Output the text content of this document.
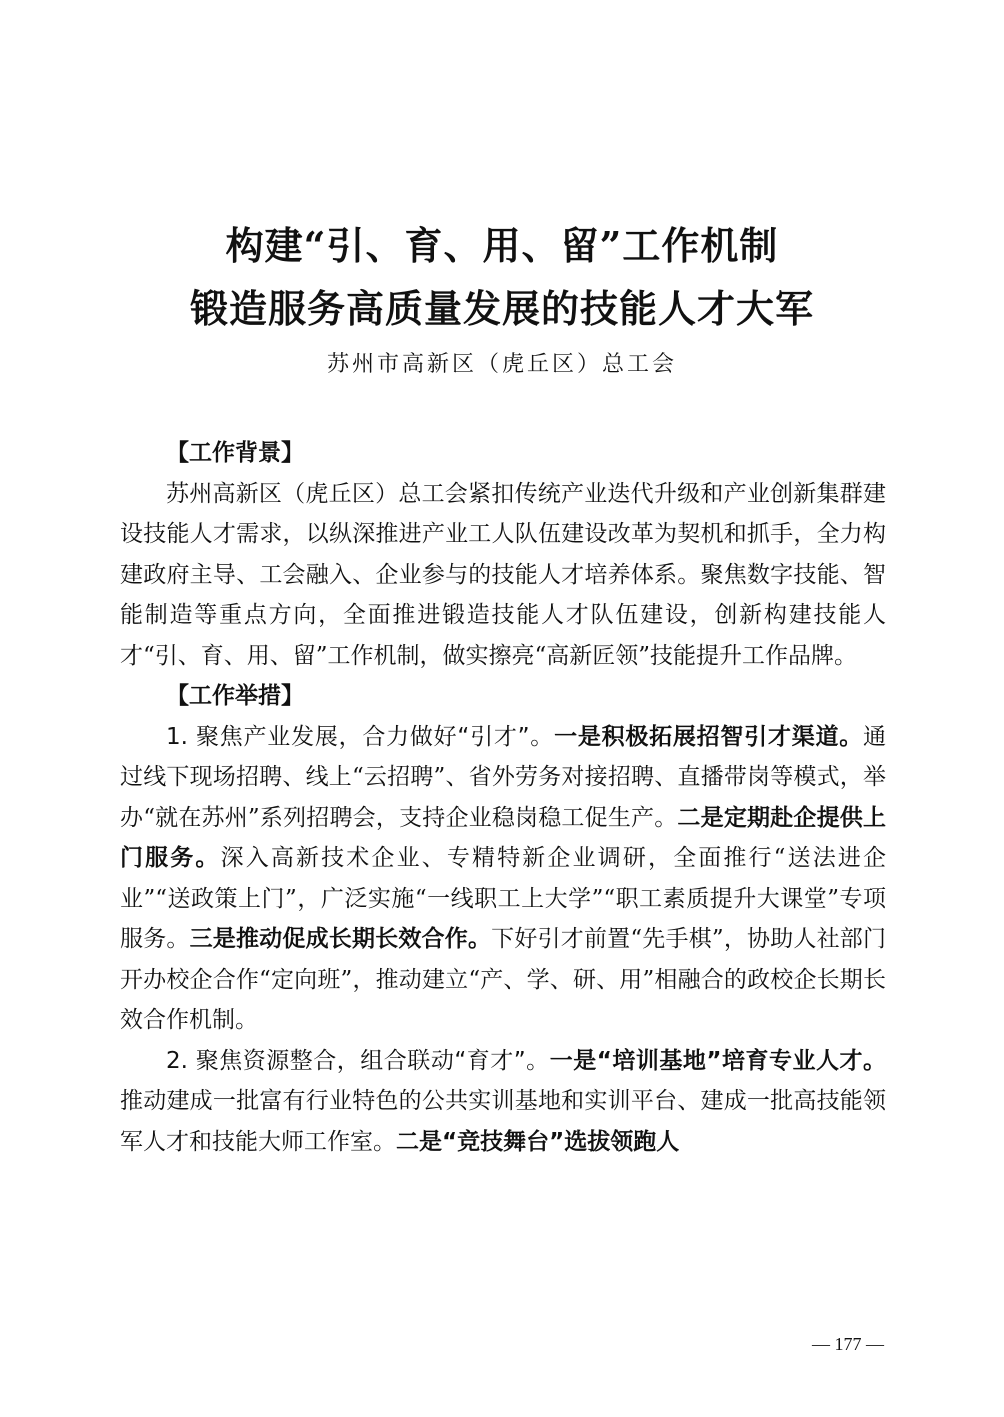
构建“引、育、用、留”工作机制
锻造服务高质量发展的技能人才大军

苏州市高新区（虎丘区）总工会

【工作背景】

苏州高新区（虎丘区）总工会紧扣传统产业迭代升级和产业创新集群建设技能人才需求，以纵深推进产业工人队伍建设改革为契机和抓手，全力构建政府主导、工会融入、企业参与的技能人才培养体系。聚焦数字技能、智能制造等重点方向，全面推进锻造技能人才队伍建设，创新构建技能人才“引、育、用、留”工作机制，做实擦亮“高新匠领”技能提升工作品牌。

【工作举措】

1. 聚焦产业发展，合力做好“引才”。一是积极拓展招智引才渠道。通过线下现场招聘、线上“云招聘”、省外劳务对接招聘、直播带岗等模式，举办“就在苏州”系列招聘会，支持企业稳岗稳工促生产。二是定期赴企提供上门服务。深入高新技术企业、专精特新企业调研，全面推行“送法进企业”“送政策上门”，广泛实施“一线职工上大学”“职工素质提升大课堂”专项服务。三是推动促成长期长效合作。下好引才前置“先手棋”，协助人社部门开办校企合作“定向班”，推动建立“产、学、研、用”相融合的政校企长期长效合作机制。

2. 聚焦资源整合，组合联动“育才”。一是“培训基地”培育专业人才。推动建成一批富有行业特色的公共实训基地和实训平台、建成一批高技能领军人才和技能大师工作室。二是“竞技舞台”选拔领跑人

— 177 —
